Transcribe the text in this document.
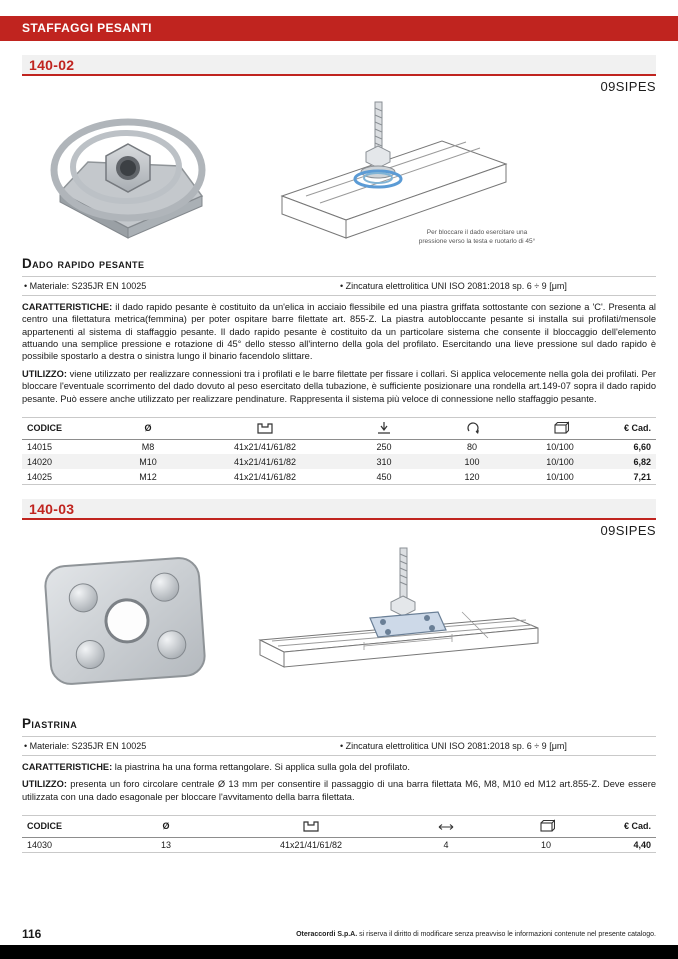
STAFFAGGI PESANTI
140-02
09SIPES
Per bloccare il dado esercitare una pressione verso la testa e ruotarlo di 45°
Dado rapido pesante
• Materiale: S235JR EN 10025	• Zincatura elettrolitica UNI ISO 2081:2018 sp. 6 ÷ 9 [μm]

CARATTERISTICHE: il dado rapido pesante è costituito da un'elica in acciaio flessibile ed una piastra griffata sottostante con sezione a 'C'. Presenta al centro una filettatura metrica(femmina) per poter ospitare barre filettate art. 855-Z. La piastra autobloccante pesante si installa sui profilati/mensole appartenenti al sistema di staffaggio pesante. Il dado rapido pesante è costituito da un particolare sistema che consente il bloccaggio dell'elemento attuando una semplice pressione e rotazione di 45° dello stesso all'interno della gola del profilato. Esercitando una lieve pressione sul dado rapido è possibile spostarlo a destra o sinistra lungo il binario facendolo slittare.

UTILIZZO: viene utilizzato per realizzare connessioni tra i profilati e le barre filettate per fissare i collari. Si applica velocemente nella gola dei profilati. Per bloccare l'eventuale scorrimento del dado dovuto al peso esercitato della tubazione, è sufficiente posizionare una rondella art.149-07 sopra il dado rapido pesante. Può essere anche utilizzato per realizzare pendinature. Rappresenta il sistema più veloce di connessione nello staffaggio pesante.

CODICE	Ø					€ Cad.
14015	M8	41x21/41/61/82	250	80	10/100	6,60
14020	M10	41x21/41/61/82	310	100	10/100	6,82
14025	M12	41x21/41/61/82	450	120	10/100	7,21
140-03
09SIPES
Piastrina
• Materiale: S235JR EN 10025	• Zincatura elettrolitica UNI ISO 2081:2018 sp. 6 ÷ 9 [μm]

CARATTERISTICHE: la piastrina ha una forma rettangolare. Si applica sulla gola del profilato.

UTILIZZO: presenta un foro circolare centrale Ø 13 mm per consentire il passaggio di una barra filettata M6, M8, M10 ed M12 art.855-Z. Deve essere utilizzata con una dado esagonale per bloccare l'avvitamento della barra filettata.

CODICE	Ø				€ Cad.
14030	13	41x21/41/61/82	4	10	4,40
116	Oteraccordi S.p.A. si riserva il diritto di modificare senza preavviso le informazioni contenute nel presente catalogo.
